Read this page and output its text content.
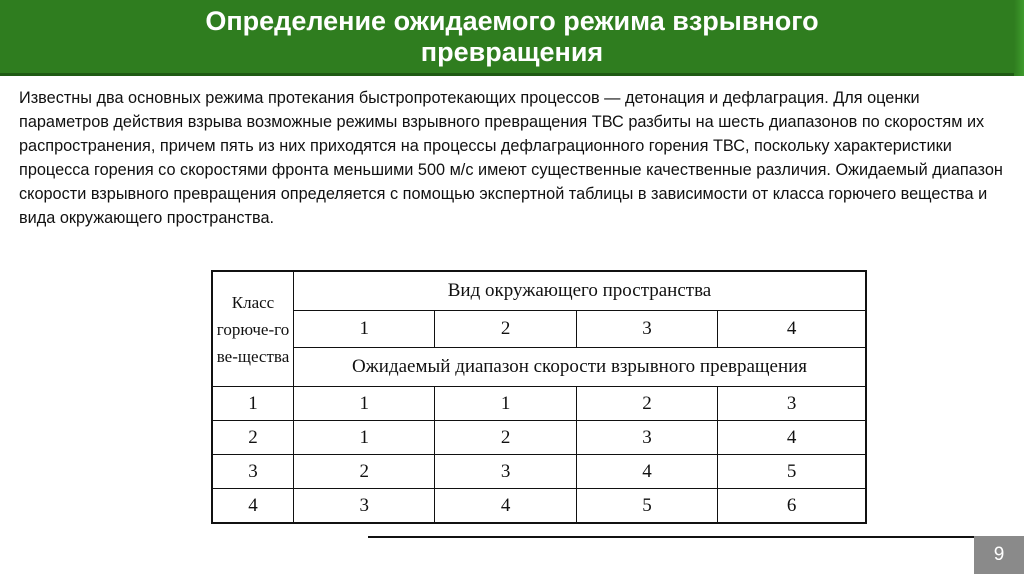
Определение ожидаемого режима взрывного превращения

Известны два основных режима протекания быстропротекающих процессов — детонация и дефлаграция. Для оценки параметров действия взрыва возможные режимы взрывного превращения ТВС разбиты на шесть диапазонов по скоростям их распространения, причем пять из них приходятся на процессы дефлаграционного горения ТВС, поскольку характеристики процесса горения со скоростями фронта меньшими 500 м/с имеют существенные качественные различия. Ожидаемый диапазон скорости взрывного превращения определяется с помощью экспертной таблицы в зависимости от класса горючего вещества и вида окружающего пространства.

Класс горюче-го ве-щества	Вид окружающего пространства			
	1	2	3	4
	Ожидаемый диапазон скорости взрывного превращения			
1	1	1	2	3
2	1	2	3	4
3	2	3	4	5
4	3	4	5	6
9
